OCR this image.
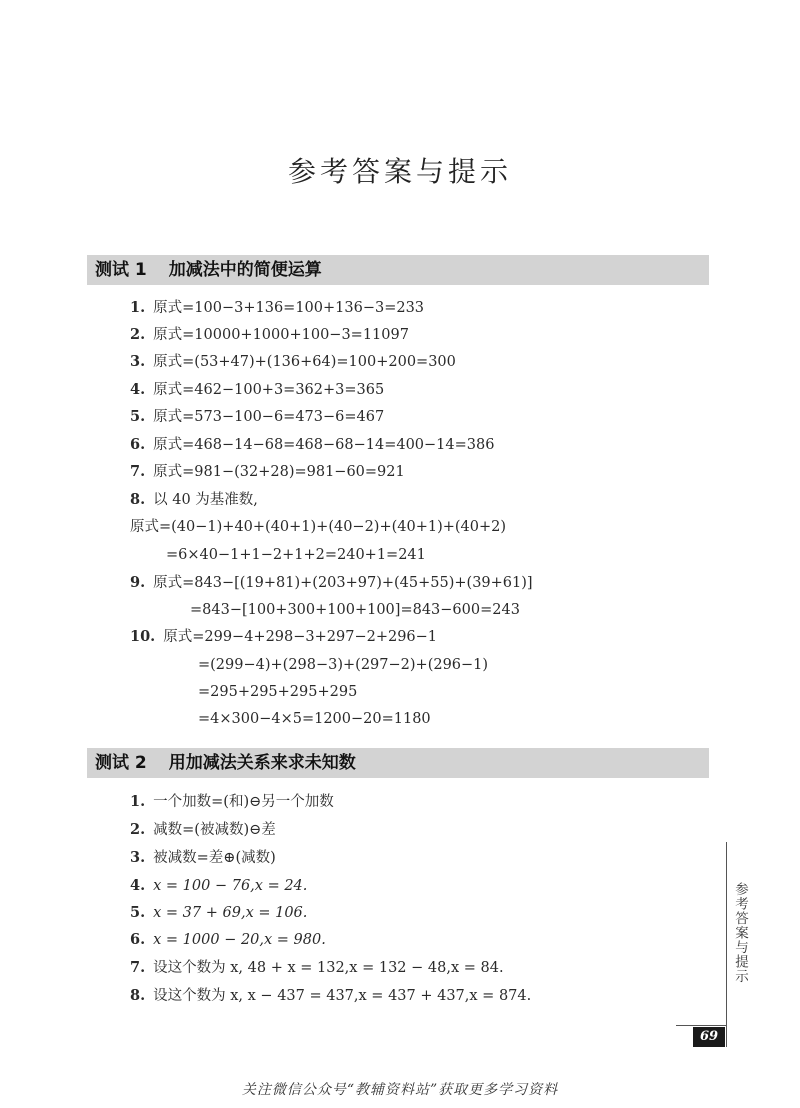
参考答案与提示
测试 1 加减法中的简便运算
1. 原式=100−3+136=100+136−3=233
2. 原式=10000+1000+100−3=11097
3. 原式=(53+47)+(136+64)=100+200=300
4. 原式=462−100+3=362+3=365
5. 原式=573−100−6=473−6=467
6. 原式=468−14−68=468−68−14=400−14=386
7. 原式=981−(32+28)=981−60=921
8. 以 40 为基准数,
原式=(40−1)+40+(40+1)+(40−2)+(40+1)+(40+2)
=6×40−1+1−2+1+2=240+1=241
9. 原式=843−[(19+81)+(203+97)+(45+55)+(39+61)]
=843−[100+300+100+100]=843−600=243
10. 原式=299−4+298−3+297−2+296−1
=(299−4)+(298−3)+(297−2)+(296−1)
=295+295+295+295
=4×300−4×5=1200−20=1180
测试 2 用加减法关系来求未知数
1. 一个加数=(和)⊖另一个加数
2. 减数=(被减数)⊖差
3. 被减数=差⊕(减数)
4. x = 100 − 76,x = 24.
5. x = 37 + 69,x = 106.
6. x = 1000 − 20,x = 980.
7. 设这个数为 x, 48 + x = 132,x = 132 − 48,x = 84.
8. 设这个数为 x, x − 437 = 437,x = 437 + 437,x = 874.
参考答案与提示
69
关注微信公众号“教辅资料站”获取更多学习资料
